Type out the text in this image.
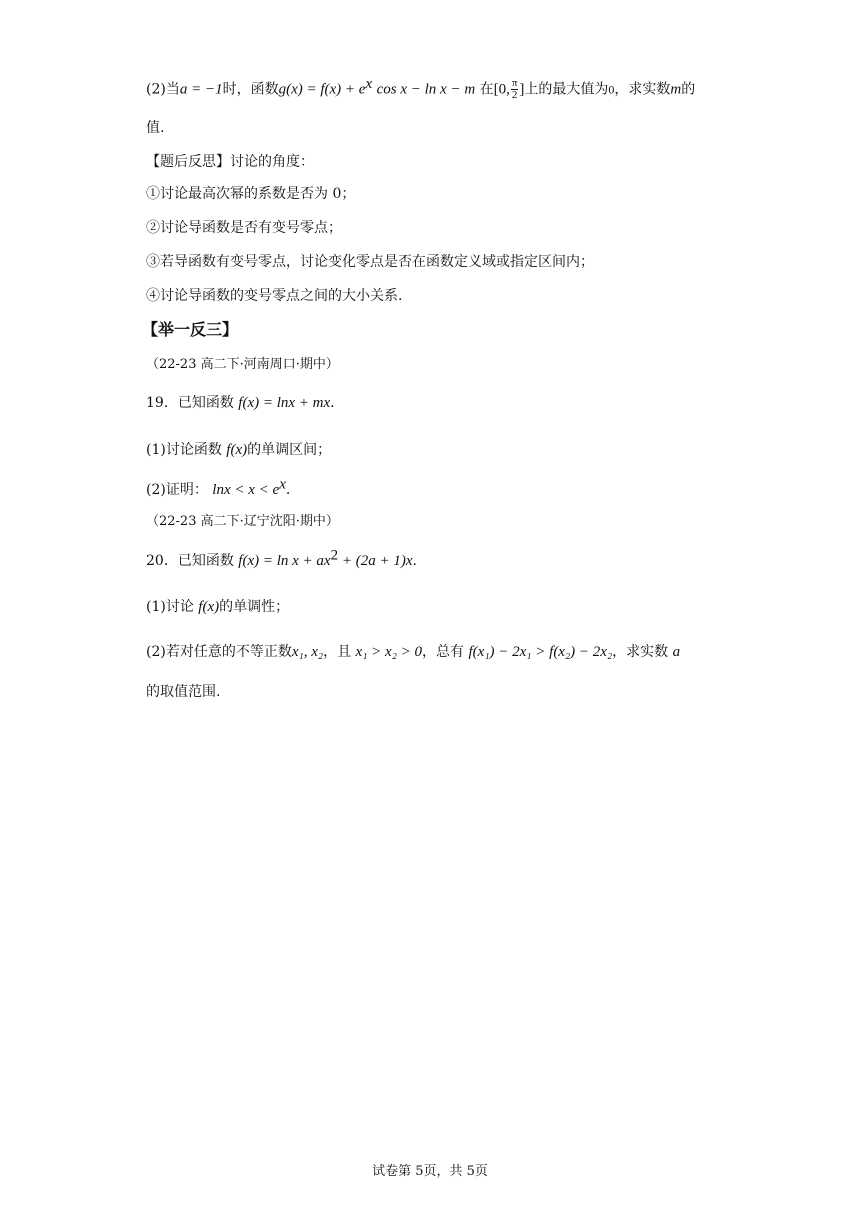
(2)当a = −1时，函数$g(x) = f(x) + e^x$ cos x − ln x − m 在[0, $\frac{\pi}{2}$ ]上的最大值为0，求实数m的
值.
【题后反思】讨论的角度：
①讨论最高次幂的系数是否为 0；
②讨论导函数是否有变号零点；
③若导函数有变号零点，讨论变化零点是否在函数定义域或指定区间内；
④讨论导函数的变号零点之间的大小关系.
【举一反三】
（22-23 高二下·河南周口·期中）
19．已知函数 f(x) = lnx + mx.
(1)讨论函数 f(x)的单调区间；
(2)证明： $\ln x < x < e^x$.
（22-23 高二下·辽宁沈阳·期中）
20．已知函数 $f(x) = \ln x + ax^2 + (2a + 1)x$.
(1)讨论 f(x)的单调性；
(2)若对任意的不等正数x₁, x₂，且 x₁ > x₂ > 0，总有 f(x₁) − 2x₁ > f(x₂) − 2x₂，求实数 a
的取值范围.
试卷第 5页，共 5页
